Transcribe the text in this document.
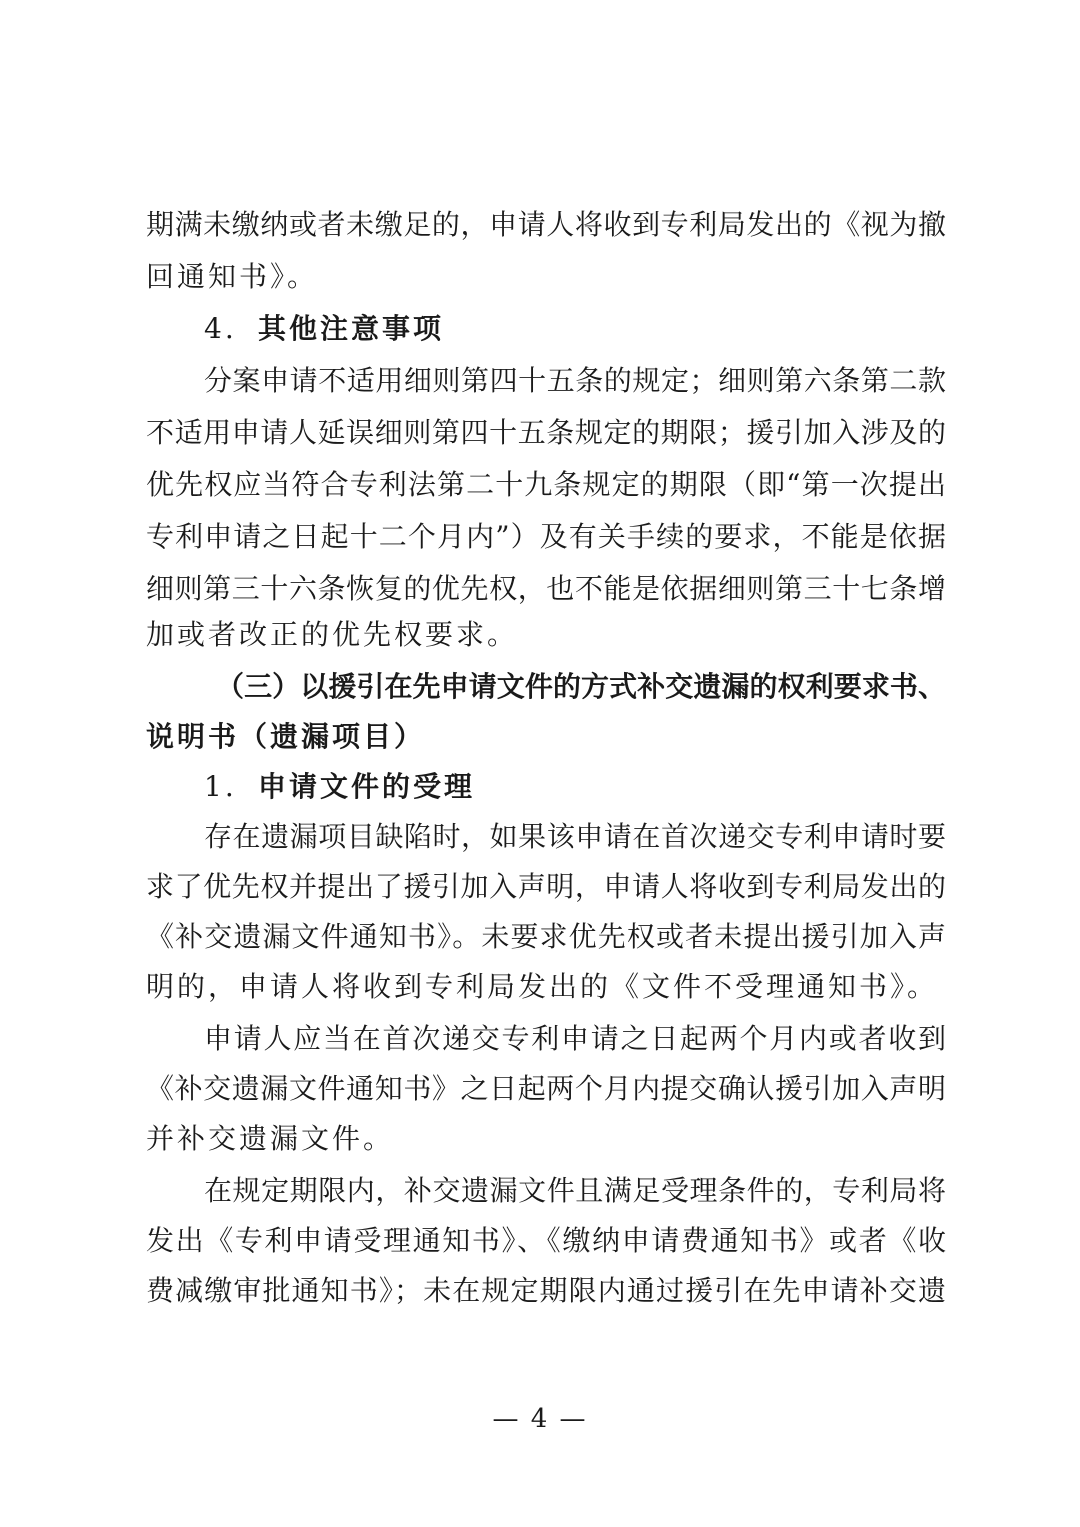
期满未缴纳或者未缴足的，申请人将收到专利局发出的《视为撤

回通知书》。

4. 其他注意事项

分案申请不适用细则第四十五条的规定；细则第六条第二款

不适用申请人延误细则第四十五条规定的期限；援引加入涉及的

优先权应当符合专利法第二十九条规定的期限（即“第一次提出

专利申请之日起十二个月内”）及有关手续的要求，不能是依据

细则第三十六条恢复的优先权，也不能是依据细则第三十七条增

加或者改正的优先权要求。

（三）以援引在先申请文件的方式补交遗漏的权利要求书、

说明书（遗漏项目）

1. 申请文件的受理

存在遗漏项目缺陷时，如果该申请在首次递交专利申请时要

求了优先权并提出了援引加入声明，申请人将收到专利局发出的

《补交遗漏文件通知书》。未要求优先权或者未提出援引加入声

明的，申请人将收到专利局发出的《文件不受理通知书》。

申请人应当在首次递交专利申请之日起两个月内或者收到

《补交遗漏文件通知书》之日起两个月内提交确认援引加入声明

并补交遗漏文件。

在规定期限内，补交遗漏文件且满足受理条件的，专利局将

发出《专利申请受理通知书》、《缴纳申请费通知书》或者《收

费减缴审批通知书》；未在规定期限内通过援引在先申请补交遗

— 4 —
